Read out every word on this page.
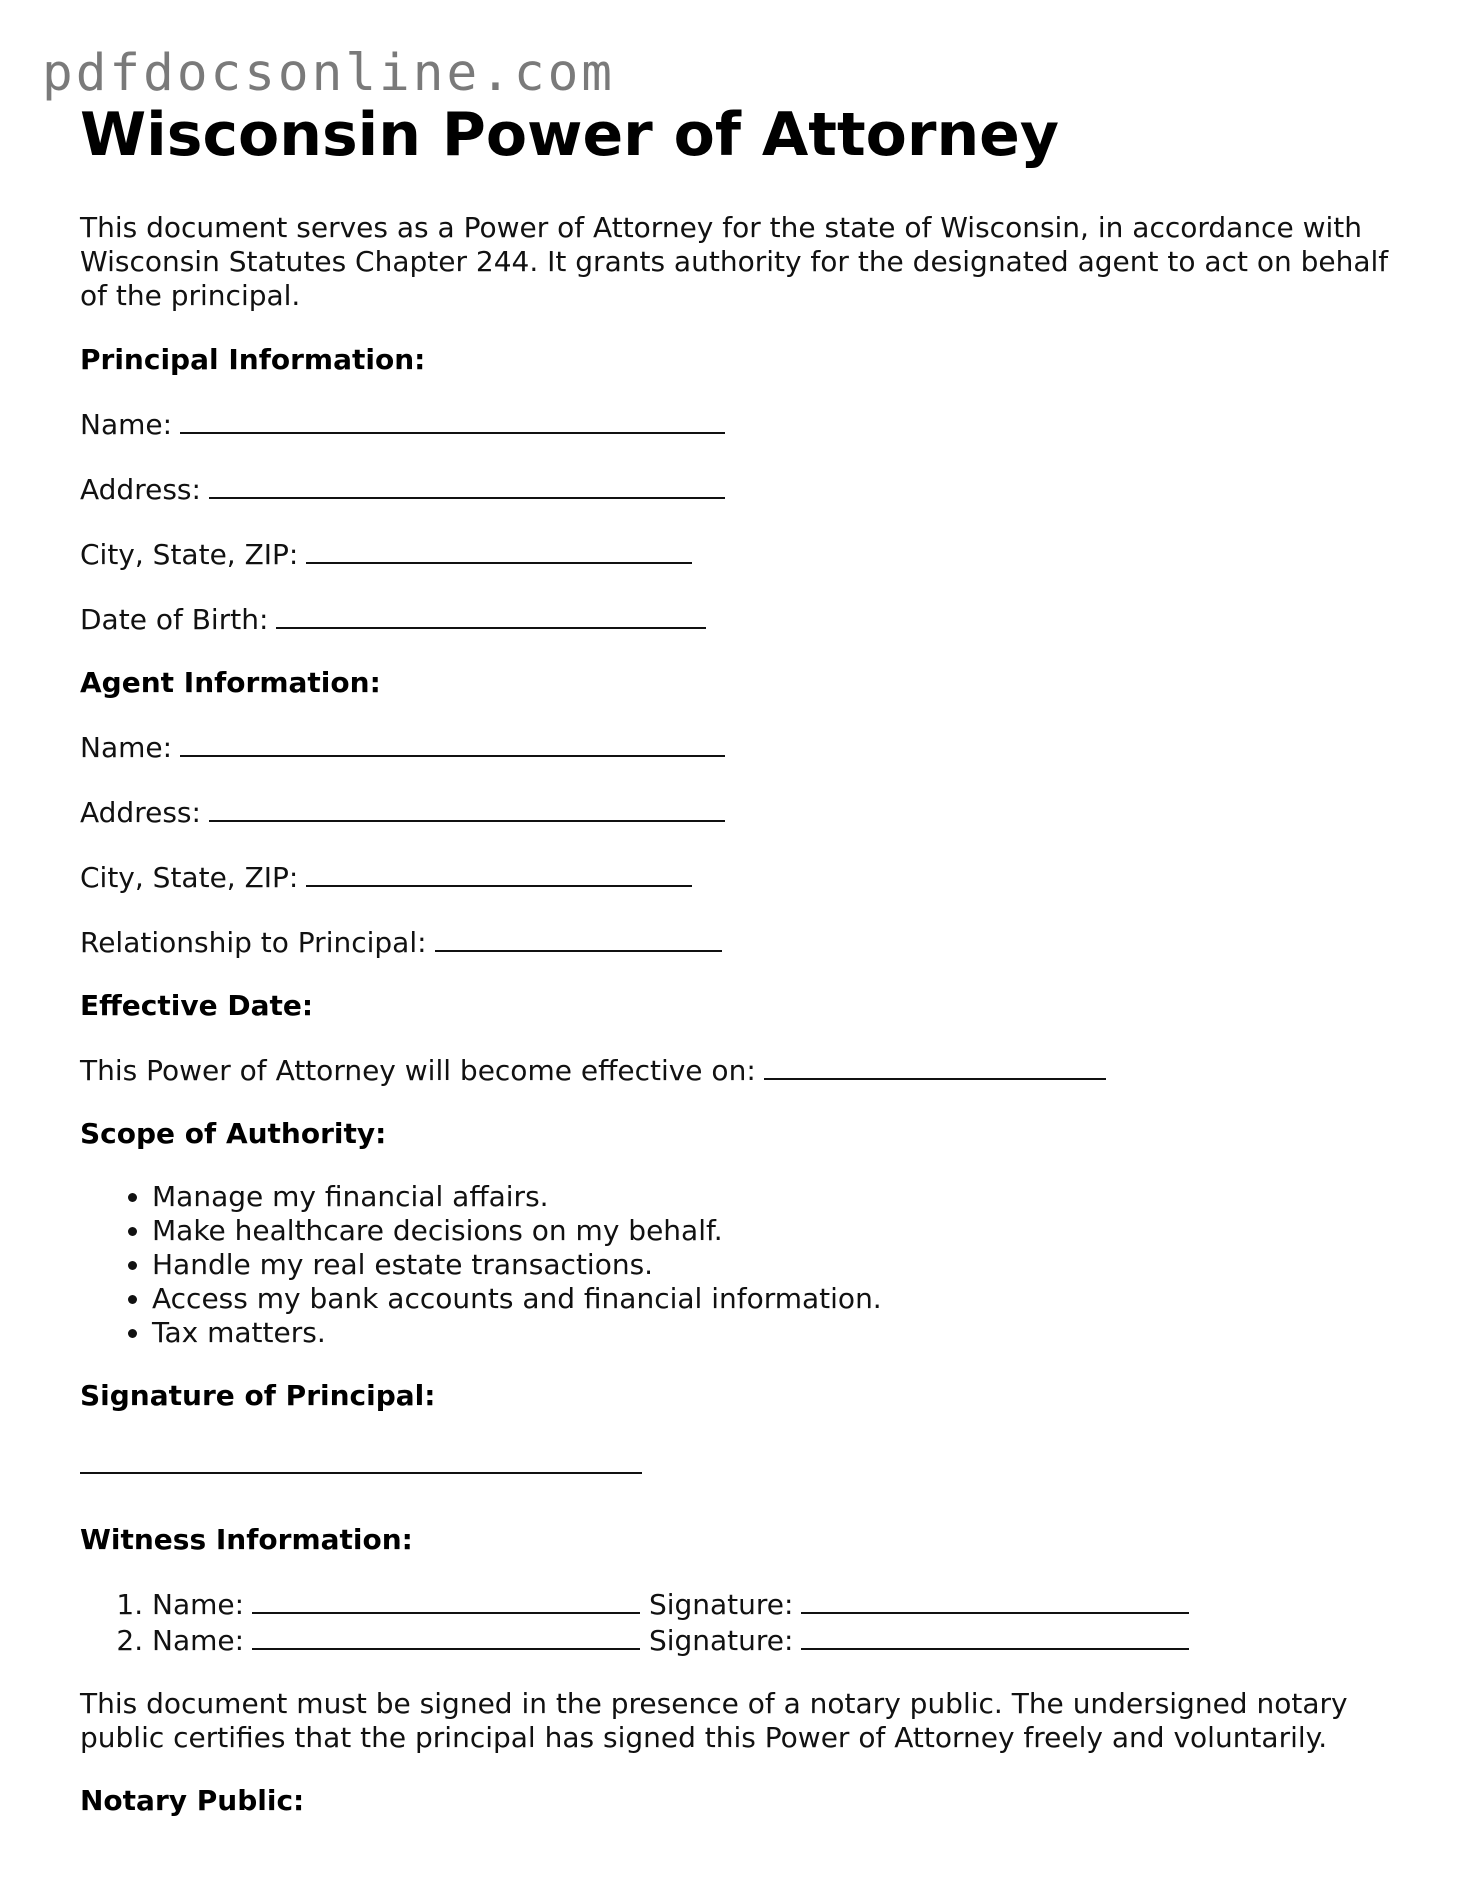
pdfdocsonline.com
Wisconsin Power of Attorney

This document serves as a Power of Attorney for the state of Wisconsin, in accordance with Wisconsin Statutes Chapter 244. It grants authority for the designated agent to act on behalf of the principal.

Principal Information:
Name:
Address:
City, State, ZIP:
Date of Birth:
Agent Information:
Name:
Address:
City, State, ZIP:
Relationship to Principal:
Effective Date:
This Power of Attorney will become effective on:
Scope of Authority:
• Manage my financial affairs.
• Make healthcare decisions on my behalf.
• Handle my real estate transactions.
• Access my bank accounts and financial information.
• Tax matters.
Signature of Principal:
Witness Information:
1. Name:	Signature:
2. Name:	Signature:

This document must be signed in the presence of a notary public. The undersigned notary public certifies that the principal has signed this Power of Attorney freely and voluntarily.

Notary Public:
